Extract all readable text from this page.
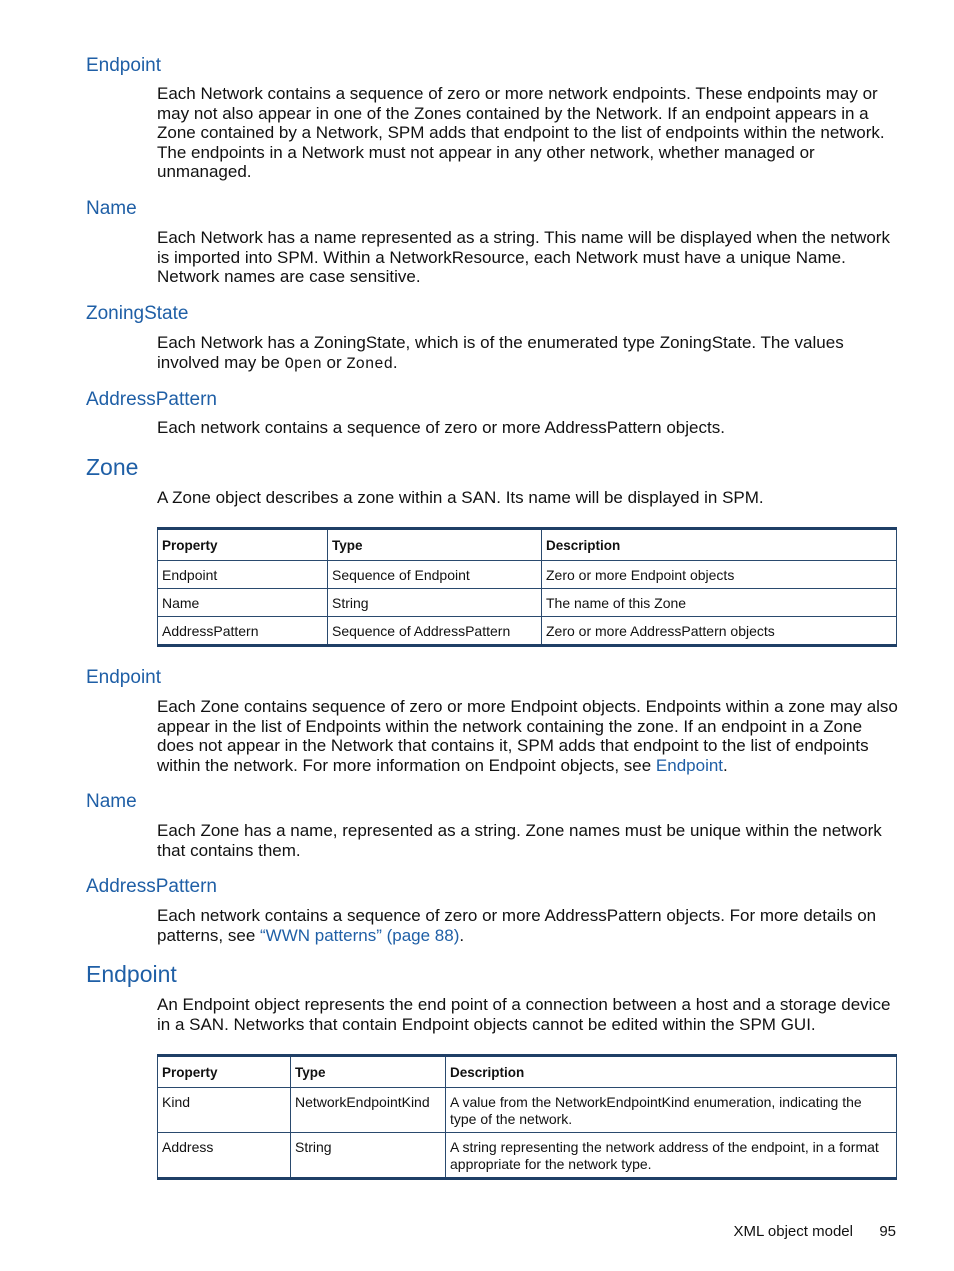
Endpoint
Each Network contains a sequence of zero or more network endpoints. These endpoints may or may not also appear in one of the Zones contained by the Network. If an endpoint appears in a Zone contained by a Network, SPM adds that endpoint to the list of endpoints within the network. The endpoints in a Network must not appear in any other network, whether managed or unmanaged.
Name
Each Network has a name represented as a string. This name will be displayed when the network is imported into SPM. Within a NetworkResource, each Network must have a unique Name. Network names are case sensitive.
ZoningState
Each Network has a ZoningState, which is of the enumerated type ZoningState. The values involved may be Open or Zoned.
AddressPattern
Each network contains a sequence of zero or more AddressPattern objects.
Zone
A Zone object describes a zone within a SAN. Its name will be displayed in SPM.
Property	Type	Description
Endpoint	Sequence of Endpoint	Zero or more Endpoint objects
Name	String	The name of this Zone
AddressPattern	Sequence of AddressPattern	Zero or more AddressPattern objects
Endpoint
Each Zone contains sequence of zero or more Endpoint objects. Endpoints within a zone may also appear in the list of Endpoints within the network containing the zone. If an endpoint in a Zone does not appear in the Network that contains it, SPM adds that endpoint to the list of endpoints within the network. For more information on Endpoint objects, see Endpoint.
Name
Each Zone has a name, represented as a string. Zone names must be unique within the network that contains them.
AddressPattern
Each network contains a sequence of zero or more AddressPattern objects. For more details on patterns, see “WWN patterns” (page 88).
Endpoint
An Endpoint object represents the end point of a connection between a host and a storage device in a SAN. Networks that contain Endpoint objects cannot be edited within the SPM GUI.
Property	Type	Description
Kind	NetworkEndpointKind	A value from the NetworkEndpointKind enumeration, indicating the type of the network.
Address	String	A string representing the network address of the endpoint, in a format appropriate for the network type.
XML object model 95
